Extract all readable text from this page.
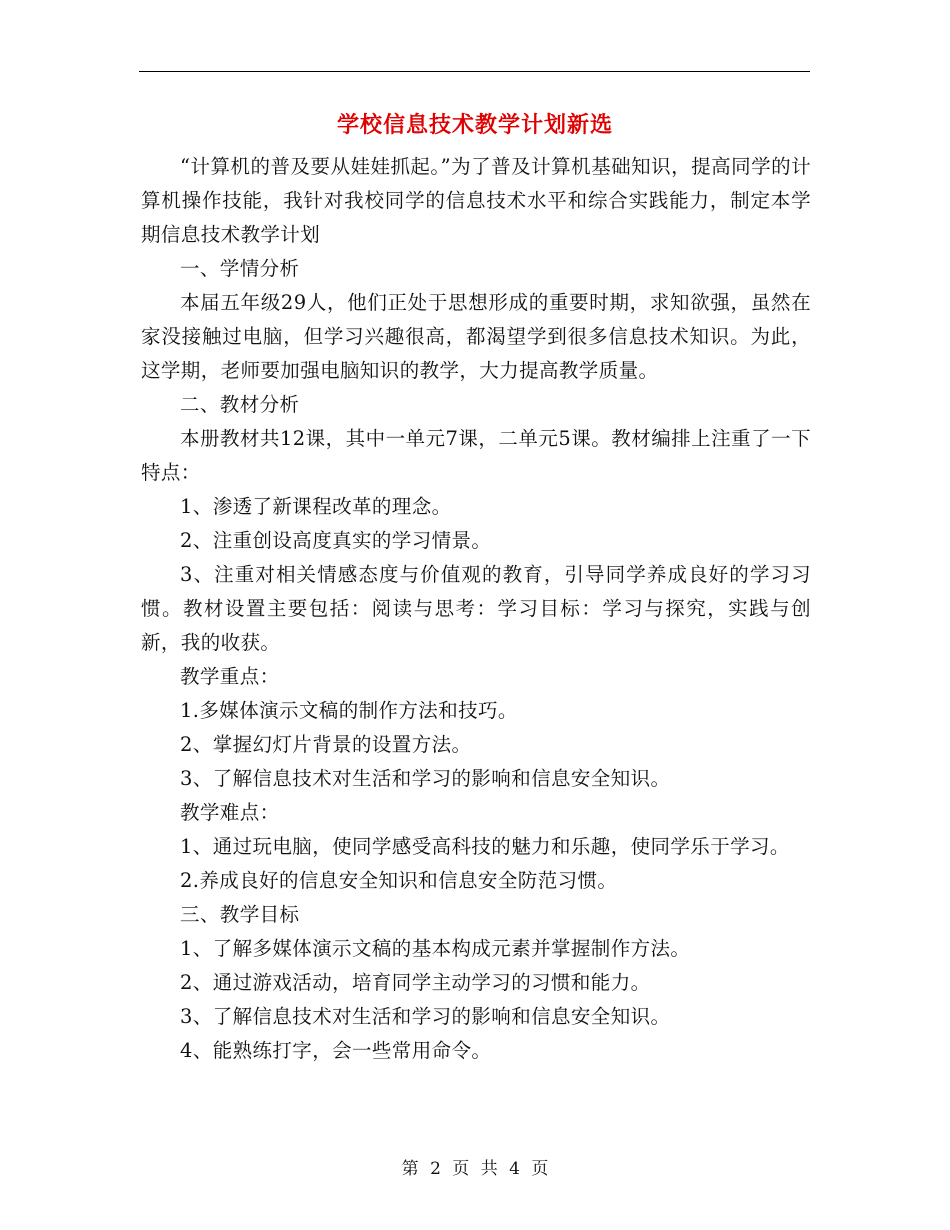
学校信息技术教学计划新选

“计算机的普及要从娃娃抓起。”为了普及计算机基础知识，提高同学的计算机操作技能，我针对我校同学的信息技术水平和综合实践能力，制定本学期信息技术教学计划

一、学情分析

本届五年级29人，他们正处于思想形成的重要时期，求知欲强，虽然在家没接触过电脑，但学习兴趣很高，都渴望学到很多信息技术知识。为此，这学期，老师要加强电脑知识的教学，大力提高教学质量。

二、教材分析

本册教材共12课，其中一单元7课，二单元5课。教材编排上注重了一下特点：

1、渗透了新课程改革的理念。

2、注重创设高度真实的学习情景。

3、注重对相关情感态度与价值观的教育，引导同学养成良好的学习习惯。教材设置主要包括：阅读与思考：学习目标：学习与探究，实践与创新，我的收获。

教学重点：

1.多媒体演示文稿的制作方法和技巧。

2、掌握幻灯片背景的设置方法。

3、了解信息技术对生活和学习的影响和信息安全知识。

教学难点：

1、通过玩电脑，使同学感受高科技的魅力和乐趣，使同学乐于学习。

2.养成良好的信息安全知识和信息安全防范习惯。

三、教学目标

1、了解多媒体演示文稿的基本构成元素并掌握制作方法。

2、通过游戏活动，培育同学主动学习的习惯和能力。

3、了解信息技术对生活和学习的影响和信息安全知识。

4、能熟练打字，会一些常用命令。

第 2 页 共 4 页
